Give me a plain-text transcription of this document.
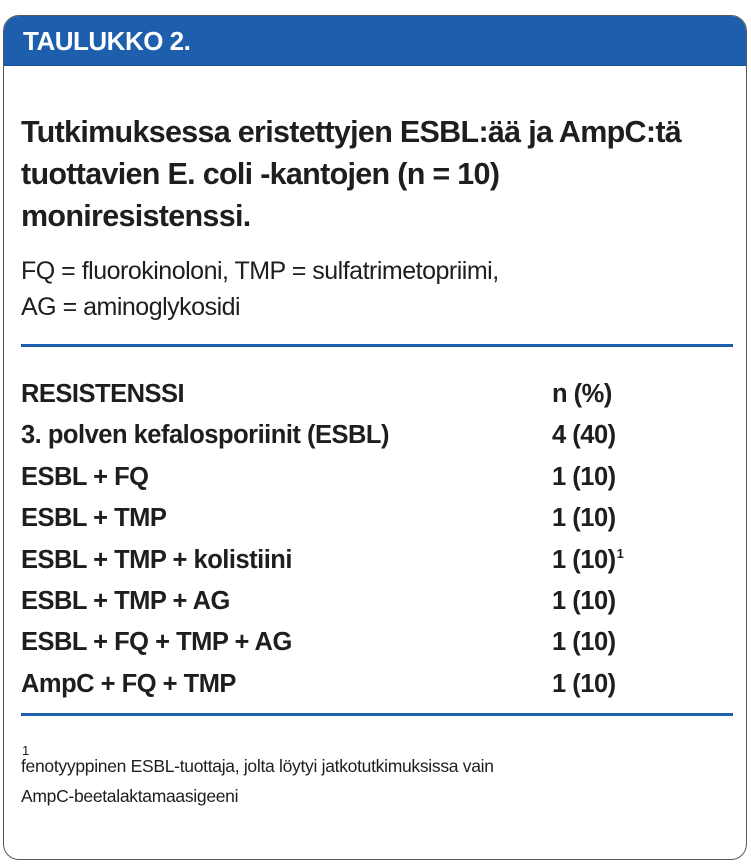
TAULUKKO 2.
Tutkimuksessa eristettyjen ESBL:ää ja AmpC:tä tuottavien E. coli -kantojen (n = 10) moniresistenssi.

FQ = fluorokinoloni, TMP = sulfatrimetopriimi,
AG = aminoglykosidi

RESISTENSSI	n (%)
3. polven kefalosporiinit (ESBL)	4 (40)
ESBL + FQ	1 (10)
ESBL + TMP	1 (10)
ESBL + TMP + kolistiini	1 $(10)^1$
ESBL + TMP + AG	1 (10)
ESBL + FQ + TMP + AG	1 (10)
AmpC + FQ + TMP	1 (10)

1
fenotyyppinen ESBL-tuottaja, jolta löytyi jatkotutkimuksissa vain
AmpC-beetalaktamaasigeeni
